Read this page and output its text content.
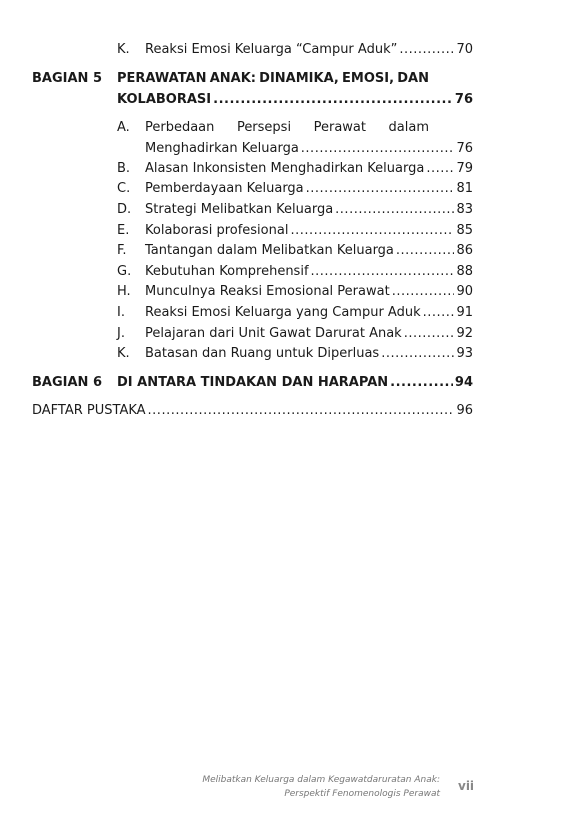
K.	Reaksi Emosi Keluarga “Campur Aduk” .....	70
BAGIAN 5 PERAWATAN ANAK: DINAMIKA, EMOSI, DAN
KOLABORASI .....	76
A.	Perbedaan Persepsi Perawat dalam
Menghadirkan Keluarga .....	76
B.	Alasan Inkonsisten Menghadirkan Keluarga ..... 79
C.	Pemberdayaan Keluarga .....	81
D.	Strategi Melibatkan Keluarga .....	83
E.	Kolaborasi profesional .....	85
F.	Tantangan dalam Melibatkan Keluarga .....	86
G.	Kebutuhan Komprehensif .....	88
H.	Munculnya Reaksi Emosional Perawat .....	90
I.	Reaksi Emosi Keluarga yang Campur Aduk .....	91
J.	Pelajaran dari Unit Gawat Darurat Anak .....	92
K.	Batasan dan Ruang untuk Diperluas .....	93
BAGIAN 6 DI ANTARA TINDAKAN DAN HARAPAN .....	94
DAFTAR PUSTAKA .....	96
Melibatkan Keluarga dalam Kegawatdaruratan Anak:
Perspektif Fenomenologis Perawat
vii
